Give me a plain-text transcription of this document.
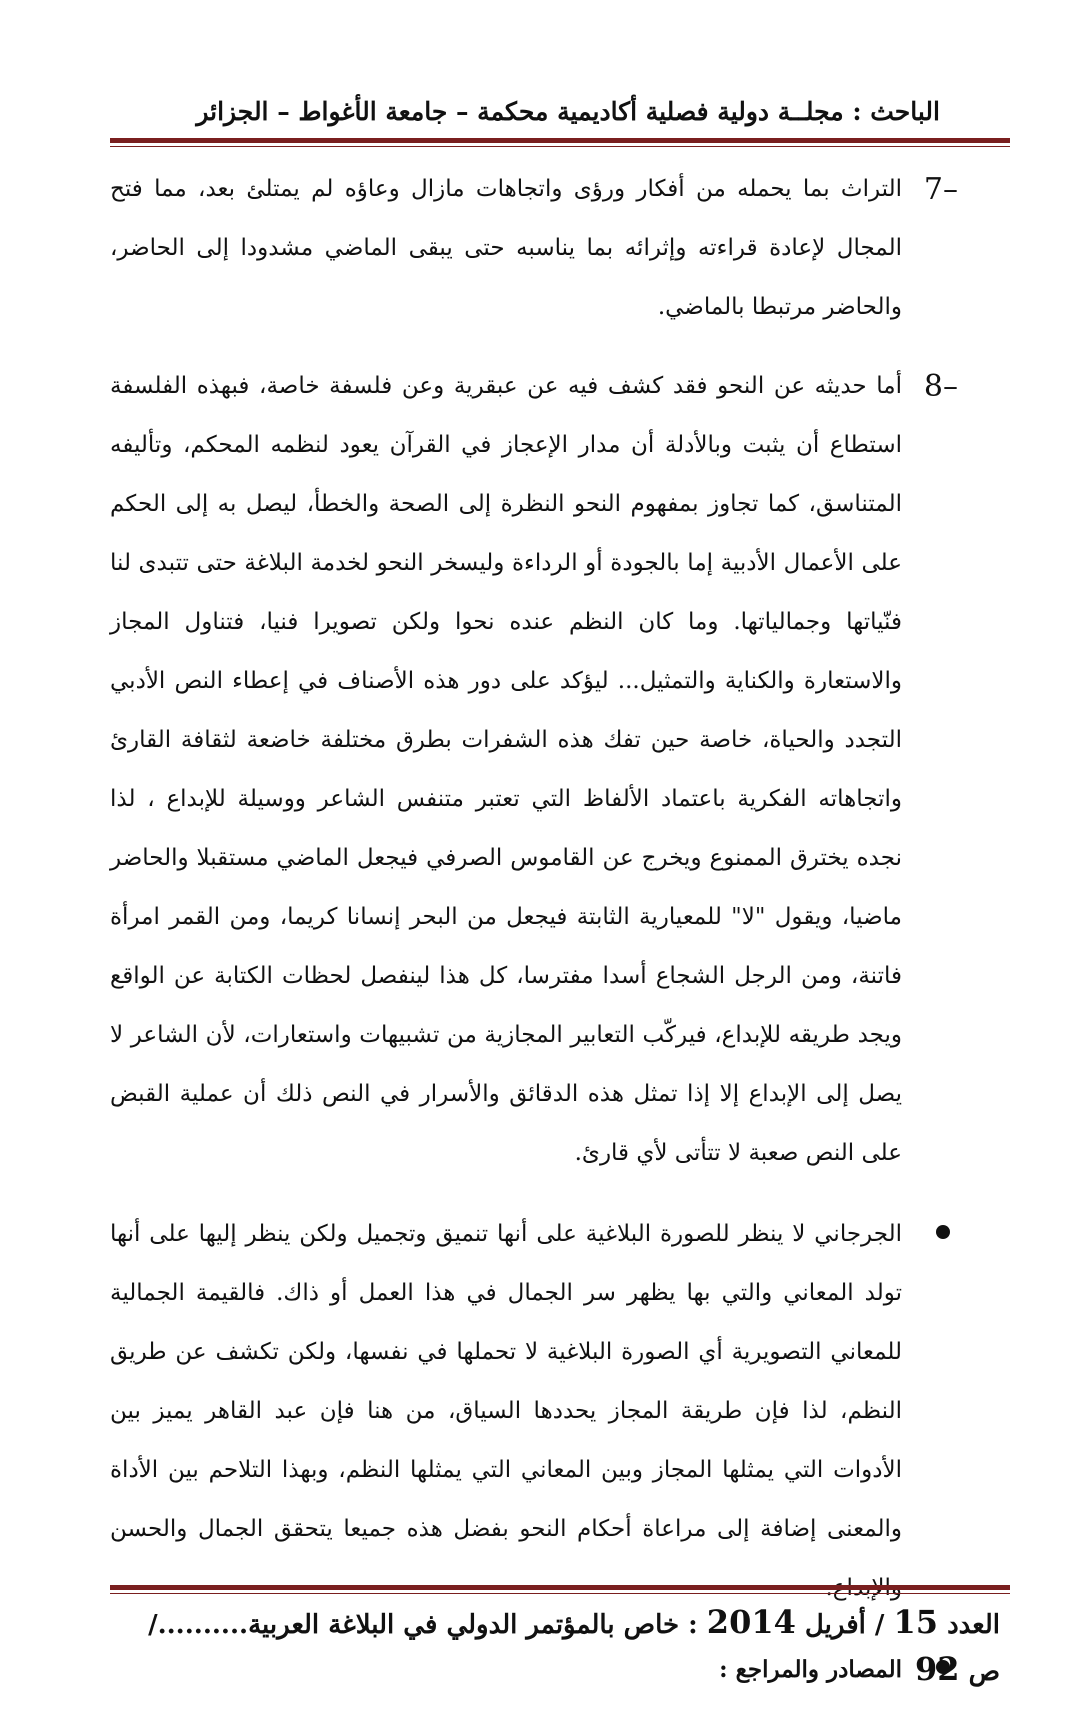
الباحث : مجلــة دولية فصلية أكاديمية محكمة – جامعة الأغواط – الجزائر
7–
التراث بما يحمله من أفكار ورؤى واتجاهات مازال وعاؤه لم يمتلئ بعد، مما فتح المجال لإعادة قراءته وإثرائه بما يناسبه حتى يبقى الماضي مشدودا إلى الحاضر، والحاضر مرتبطا بالماضي.
8–
أما حديثه عن النحو فقد كشف فيه عن عبقرية وعن فلسفة خاصة، فبهذه الفلسفة استطاع أن يثبت وبالأدلة أن مدار الإعجاز في القرآن يعود لنظمه المحكم، وتأليفه المتناسق، كما تجاوز بمفهوم النحو النظرة إلى الصحة والخطأ، ليصل به إلى الحكم على الأعمال الأدبية إما بالجودة أو الرداءة وليسخر النحو لخدمة البلاغة حتى تتبدى لنا فنّياتها وجمالياتها. وما كان النظم عنده نحوا ولكن تصويرا فنيا، فتناول المجاز والاستعارة والكناية والتمثيل... ليؤكد على دور هذه الأصناف في إعطاء النص الأدبي التجدد والحياة، خاصة حين تفك هذه الشفرات بطرق مختلفة خاضعة لثقافة القارئ واتجاهاته الفكرية باعتماد الألفاظ التي تعتبر متنفس الشاعر ووسيلة للإبداع ، لذا نجده يخترق الممنوع ويخرج عن القاموس الصرفي فيجعل الماضي مستقبلا والحاضر ماضيا، ويقول "لا" للمعيارية الثابتة فيجعل من البحر إنسانا كريما، ومن القمر امرأة فاتنة، ومن الرجل الشجاع أسدا مفترسا، كل هذا لينفصل لحظات الكتابة عن الواقع ويجد طريقه للإبداع، فيركّب التعابير المجازية من تشبيهات واستعارات، لأن الشاعر لا يصل إلى الإبداع إلا إذا تمثل هذه الدقائق والأسرار في النص ذلك أن عملية القبض على النص صعبة لا تتأتى لأي قارئ.
الجرجاني لا ينظر للصورة البلاغية على أنها تنميق وتجميل ولكن ينظر إليها على أنها تولد المعاني والتي بها يظهر سر الجمال في هذا العمل أو ذاك. فالقيمة الجمالية للمعاني التصويرية أي الصورة البلاغية لا تحملها في نفسها، ولكن تكشف عن طريق النظم، لذا فإن طريقة المجاز يحددها السياق، من هنا فإن عبد القاهر يميز بين الأدوات التي يمثلها المجاز وبين المعاني التي يمثلها النظم، وبهذا التلاحم بين الأداة والمعنى إضافة إلى مراعاة أحكام النحو بفضل هذه جميعا يتحقق الجمال والحسن
المصادر والمراجع :
العدد 15 / أفريل 2014 : خاص بالمؤتمر الدولي في البلاغة العربية........../ ص 92
